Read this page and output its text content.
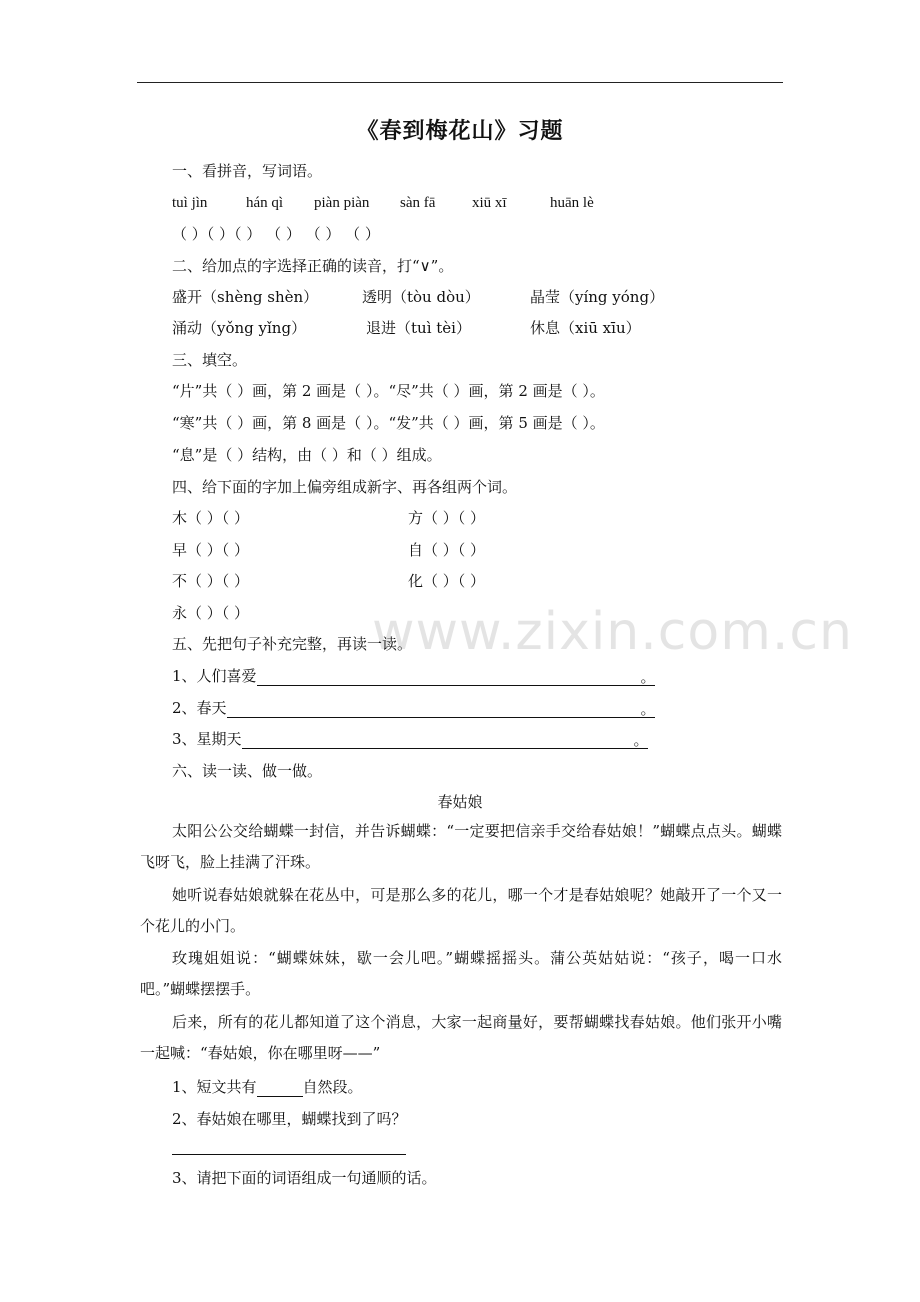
《春到梅花山》习题
一、看拼音，写词语。
tuì jìn	hán qì piàn piàn sàn fā xiū xī	huān lè
（ ）（ ）（ ） （ ） （ ） （ ）
二、给加点的字选择正确的读音，打“∨”。
盛开（shèng shèn）	透明（tòu dòu）	晶莹（yíng yóng）
涌动（yǒng yǐng）	退进（tuì tèi）	休息（xiū xīu）
三、填空。
“片”共（ ）画，第 2 画是（ ）。“尽”共（ ）画，第 2 画是（ ）。
“寒”共（ ）画，第 8 画是（ ）。“发”共（ ）画，第 5 画是（ ）。
“息”是（ ）结构，由（ ）和（ ）组成。
四、给下面的字加上偏旁组成新字、再各组两个词。
木（ ）（ ）	方（ ）（ ）
早（ ）（ ）	自（ ）（ ）
不（ ）（ ）	化（ ）（ ）
永（ ）（ ） www.zixin.com.cn
五、先把句子补充完整，再读一读。
1、人们喜爱	。
2、春天	。
3、星期天	。
六、读一读、做一做。
春姑娘
太阳公公交给蝴蝶一封信，并告诉蝴蝶：“一定要把信亲手交给春姑娘！”蝴蝶点点头。蝴蝶飞呀飞，脸上挂满了汗珠。
她听说春姑娘就躲在花丛中，可是那么多的花儿，哪一个才是春姑娘呢？她敲开了一个又一个花儿的小门。
玫瑰姐姐说：“蝴蝶妹妹，歇一会儿吧。”蝴蝶摇摇头。蒲公英姑姑说：“孩子，喝一口水吧。”蝴蝶摆摆手。
后来，所有的花儿都知道了这个消息，大家一起商量好，要帮蝴蝶找春姑娘。他们张开小嘴一起喊：“春姑娘，你在哪里呀——”
1、短文共有	自然段。
2、春姑娘在哪里，蝴蝶找到了吗？
3、请把下面的词语组成一句通顺的话。
